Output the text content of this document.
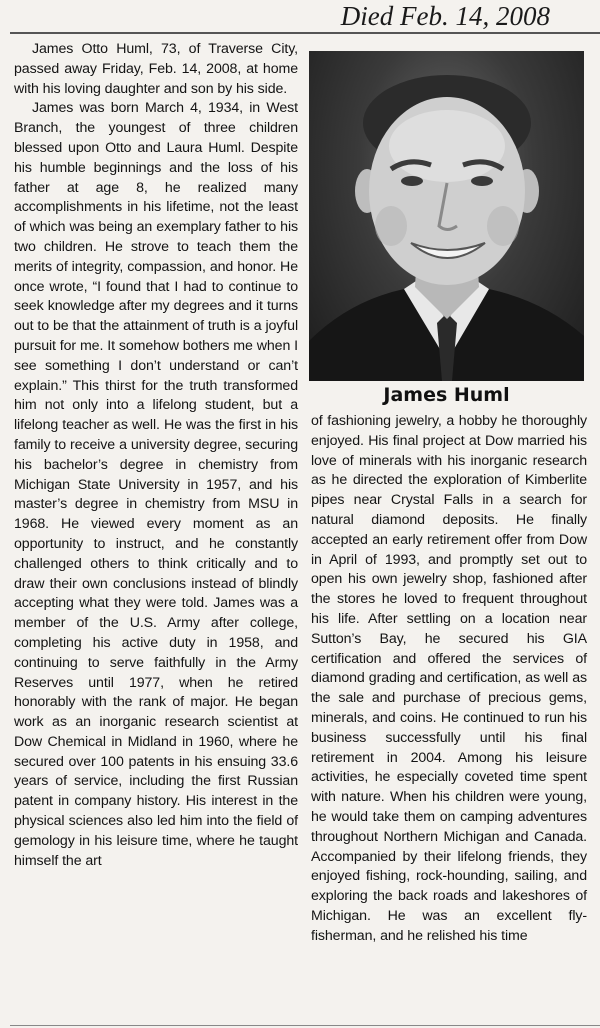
Died Feb. 14, 2008

James Otto Huml, 73, of Traverse City, passed away Friday, Feb. 14, 2008, at home with his loving daughter and son by his side.

James was born March 4, 1934, in West Branch, the youngest of three children blessed upon Otto and Laura Huml. Despite his humble beginnings and the loss of his father at age 8, he realized many accomplishments in his lifetime, not the least of which was being an exemplary father to his two children. He strove to teach them the merits of integrity, compassion, and honor. He once wrote, “I found that I had to continue to seek knowledge after my degrees and it turns out to be that the attainment of truth is a joyful pursuit for me. It somehow bothers me when I see something I don’t understand or can’t explain.” This thirst for the truth transformed him not only into a lifelong student, but a lifelong teacher as well. He was the first in his family to receive a university degree, securing his bachelor’s degree in chemistry from Michigan State University in 1957, and his master’s degree in chemistry from MSU in 1968. He viewed every moment as an opportunity to instruct, and he constantly challenged others to think critically and to draw their own conclusions instead of blindly accepting what they were told. James was a member of the U.S. Army after college, completing his active duty in 1958, and continuing to serve faithfully in the Army Reserves until 1977, when he retired honorably with the rank of major. He began work as an inorganic research scientist at Dow Chemical in Midland in 1960, where he secured over 100 patents in his ensuing 33.6 years of service, including the first Russian patent in company history. His interest in the physical sciences also led him into the field of gemology in his leisure time, where he taught himself the art

James Huml

of fashioning jewelry, a hobby he thoroughly enjoyed. His final project at Dow married his love of minerals with his inorganic research as he directed the exploration of Kimberlite pipes near Crystal Falls in a search for natural diamond deposits. He finally accepted an early retirement offer from Dow in April of 1993, and promptly set out to open his own jewelry shop, fashioned after the stores he loved to frequent throughout his life. After settling on a location near Sutton’s Bay, he secured his GIA certification and offered the services of diamond grading and certification, as well as the sale and purchase of precious gems, minerals, and coins. He continued to run his business successfully until his final retirement in 2004. Among his leisure activities, he especially coveted time spent with nature. When his children were young, he would take them on camping adventures throughout Northern Michigan and Canada. Accompanied by their lifelong friends, they enjoyed fishing, rock-hounding, sailing, and exploring the back roads and lakeshores of Michigan. He was an excellent fly-fisherman, and he relished his time
